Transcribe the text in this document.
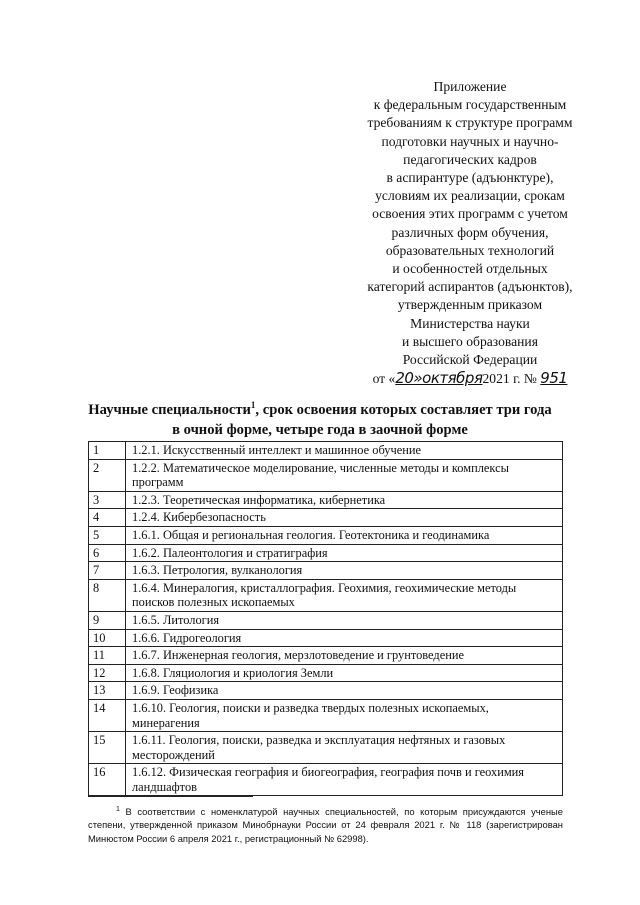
Приложение
к федеральным государственным
требованиям к структуре программ
подготовки научных и научно-
педагогических кадров
в аспирантуре (адъюнктуре),
условиям их реализации, срокам
освоения этих программ с учетом
различных форм обучения,
образовательных технологий
и особенностей отдельных
категорий аспирантов (адъюнктов),
утвержденным приказом
Министерства науки
и высшего образования
Российской Федерации
от «20»октября2021 г. № 951
Научные специальности$^1$, срок освоения которых составляет три года
в очной форме, четыре года в заочной форме
1	1.2.1. Искусственный интеллект и машинное обучение
2	1.2.2. Математическое моделирование, численные методы и комплексы программ
3	1.2.3. Теоретическая информатика, кибернетика
4	1.2.4. Кибербезопасность
5	1.6.1. Общая и региональная геология. Геотектоника и геодинамика
6	1.6.2. Палеонтология и стратиграфия
7	1.6.3. Петрология, вулканология
8	1.6.4. Минералогия, кристаллография. Геохимия, геохимические методы поисков полезных ископаемых
9	1.6.5. Литология
10	1.6.6. Гидрогеология
11	1.6.7. Инженерная геология, мерзлотоведение и грунтоведение
12	1.6.8. Гляциология и криология Земли
13	1.6.9. Геофизика
14	1.6.10. Геология, поиски и разведка твердых полезных ископаемых, минерагения
15	1.6.11. Геология, поиски, разведка и эксплуатация нефтяных и газовых месторождений
16	1.6.12. Физическая география и биогеография, география почв и геохимия ландшафтов
$^1$ В соответствии с номенклатурой научных специальностей, по которым присуждаются ученые степени, утвержденной приказом Минобрнауки России от 24 февраля 2021 г. № 118 (зарегистрирован Минюстом России 6 апреля 2021 г., регистрационный № 62998).
